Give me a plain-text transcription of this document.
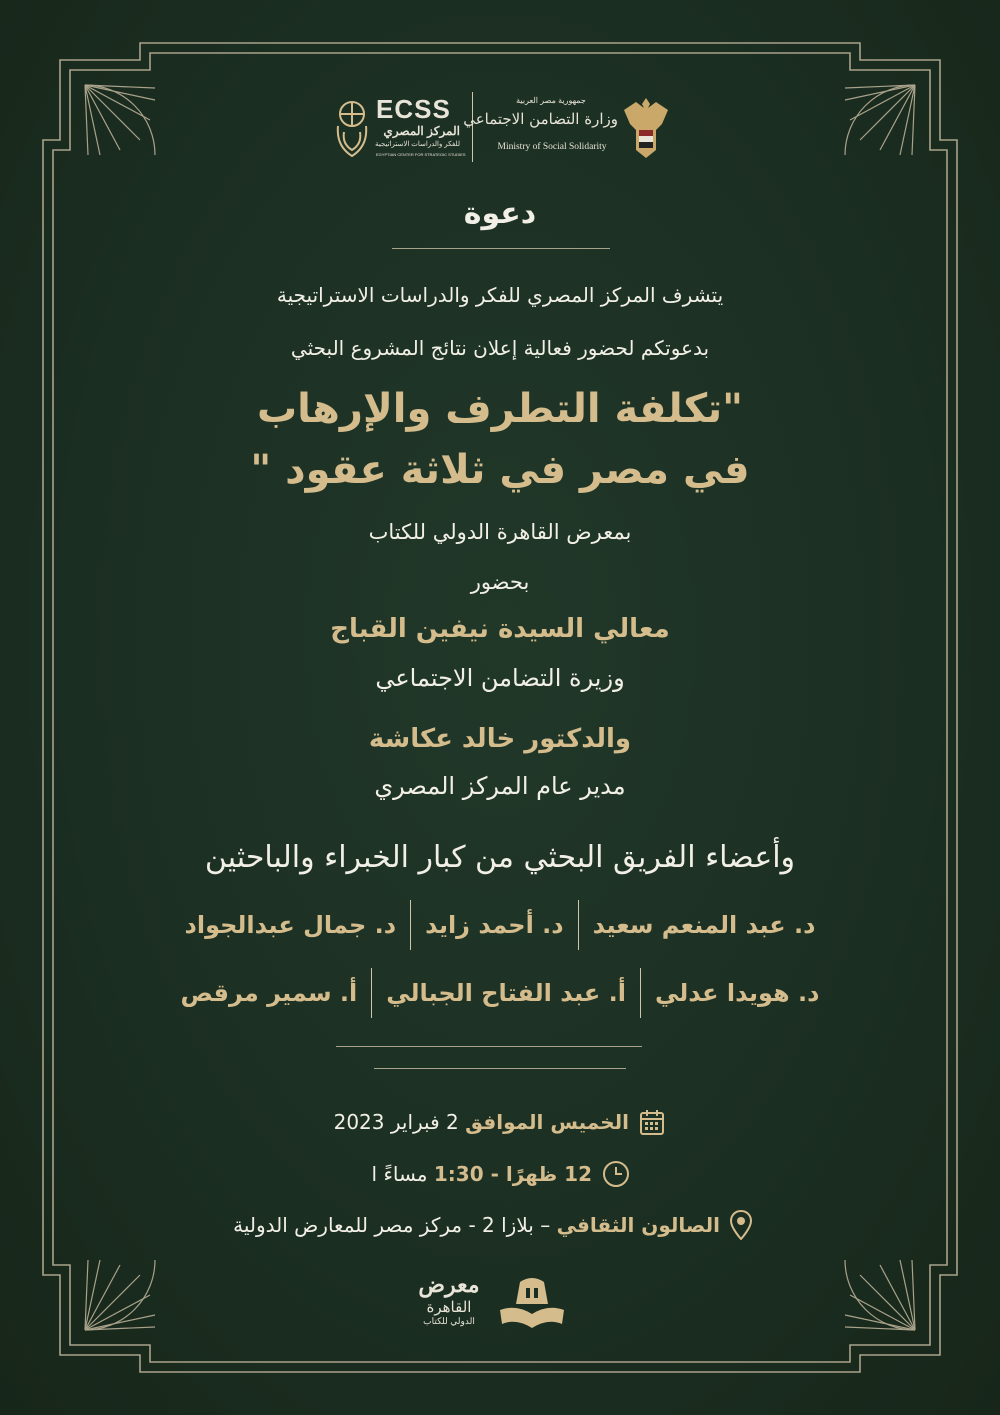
ECSS
المركز المصري
للفكر والدراسات الاستراتيجية
EGYPTIAN CENTER FOR STRATEGIC STUDIES
جمهورية مصر العربية
وزارة التضامن الاجتماعي
Ministry of Social Solidarity
دعوة
يتشرف المركز المصري للفكر والدراسات الاستراتيجية
بدعوتكم لحضور فعالية إعلان نتائج المشروع البحثي
"تكلفة التطرف والإرهاب
في مصر في ثلاثة عقود "
بمعرض القاهرة الدولي للكتاب
بحضور
معالي السيدة نيفين القباج
وزيرة التضامن الاجتماعي
والدكتور خالد عكاشة
مدير عام المركز المصري
وأعضاء الفريق البحثي من كبار الخبراء والباحثين
د. عبد المنعم سعيد
د. أحمد زايد
د. جمال عبدالجواد
د. هويدا عدلي
أ. عبد الفتاح الجبالي
أ. سمير مرقص
الخميس الموافق

2 فبراير 2023
12 ظهرًا - 1:30

مساءً

ا
الصالون الثقافي

– بلازا 2 - مركز مصر للمعارض الدولية
معرض
القاهرة
الدولي للكتاب
